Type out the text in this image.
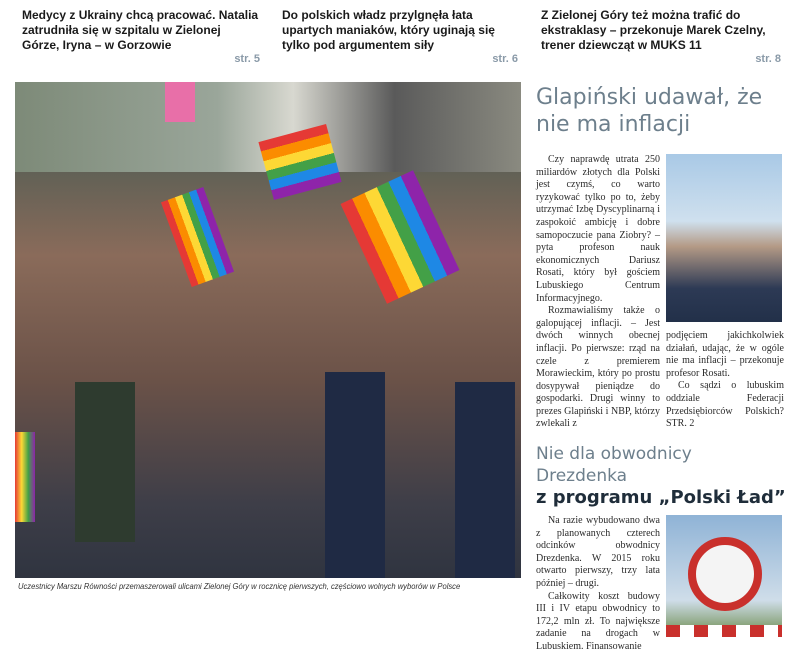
Medycy z Ukrainy chcą pracować. Natalia zatrudniła się w szpitalu w Zielonej Górze, Iryna – w Gorzowie
str. 5
Do polskich władz przylgnęła łata upartych maniaków, który uginają się tylko pod argumentem siły
str. 6
Z Zielonej Góry też można trafić do ekstraklasy – przekonuje Marek Czelny, trener dziewcząt w MUKS 11
str. 8
Uczestnicy Marszu Równości przemaszerowali ulicami Zielonej Góry w rocznicę pierwszych, częściowo wolnych wyborów w Polsce
Glapiński udawał, że nie ma inflacji

Czy naprawdę utrata 250 miliardów złotych dla Polski jest czymś, co warto ryzykować tylko po to, żeby utrzymać Izbę Dyscyplinarną i zaspokoić ambicję i dobre samopoczucie pana Ziobry? – pyta profeson nauk ekonomicznych Dariusz Rosati, który był gościem Lubuskiego Centrum Informacyjnego.

Rozmawialiśmy także o galopującej inflacji. – Jest dwóch winnych obecnej inflacji. Po pierwsze: rząd na czele z premierem Morawieckim, który po prostu dosypywał pieniądze do gospodarki. Drugi winny to prezes Glapiński i NBP, którzy zwlekali z

podjęciem jakichkolwiek działań, udając, że w ogóle nie ma inflacji – przekonuje profesor Rosati.

Co sądzi o lubuskim oddziale Federacji Przedsiębiorców Polskich? STR. 2

Nie dla obwodnicy Drezdenka
z programu „Polski Ład”

Na razie wybudowano dwa z planowanych czterech odcinków obwodnicy Drezdenka. W 2015 roku otwarto pierwszy, trzy lata później – drugi.

Całkowity koszt budowy III i IV etapu obwodnicy to 172,2 mln zł. To największe zadanie na drogach w Lubuskiem. Finansowanie
